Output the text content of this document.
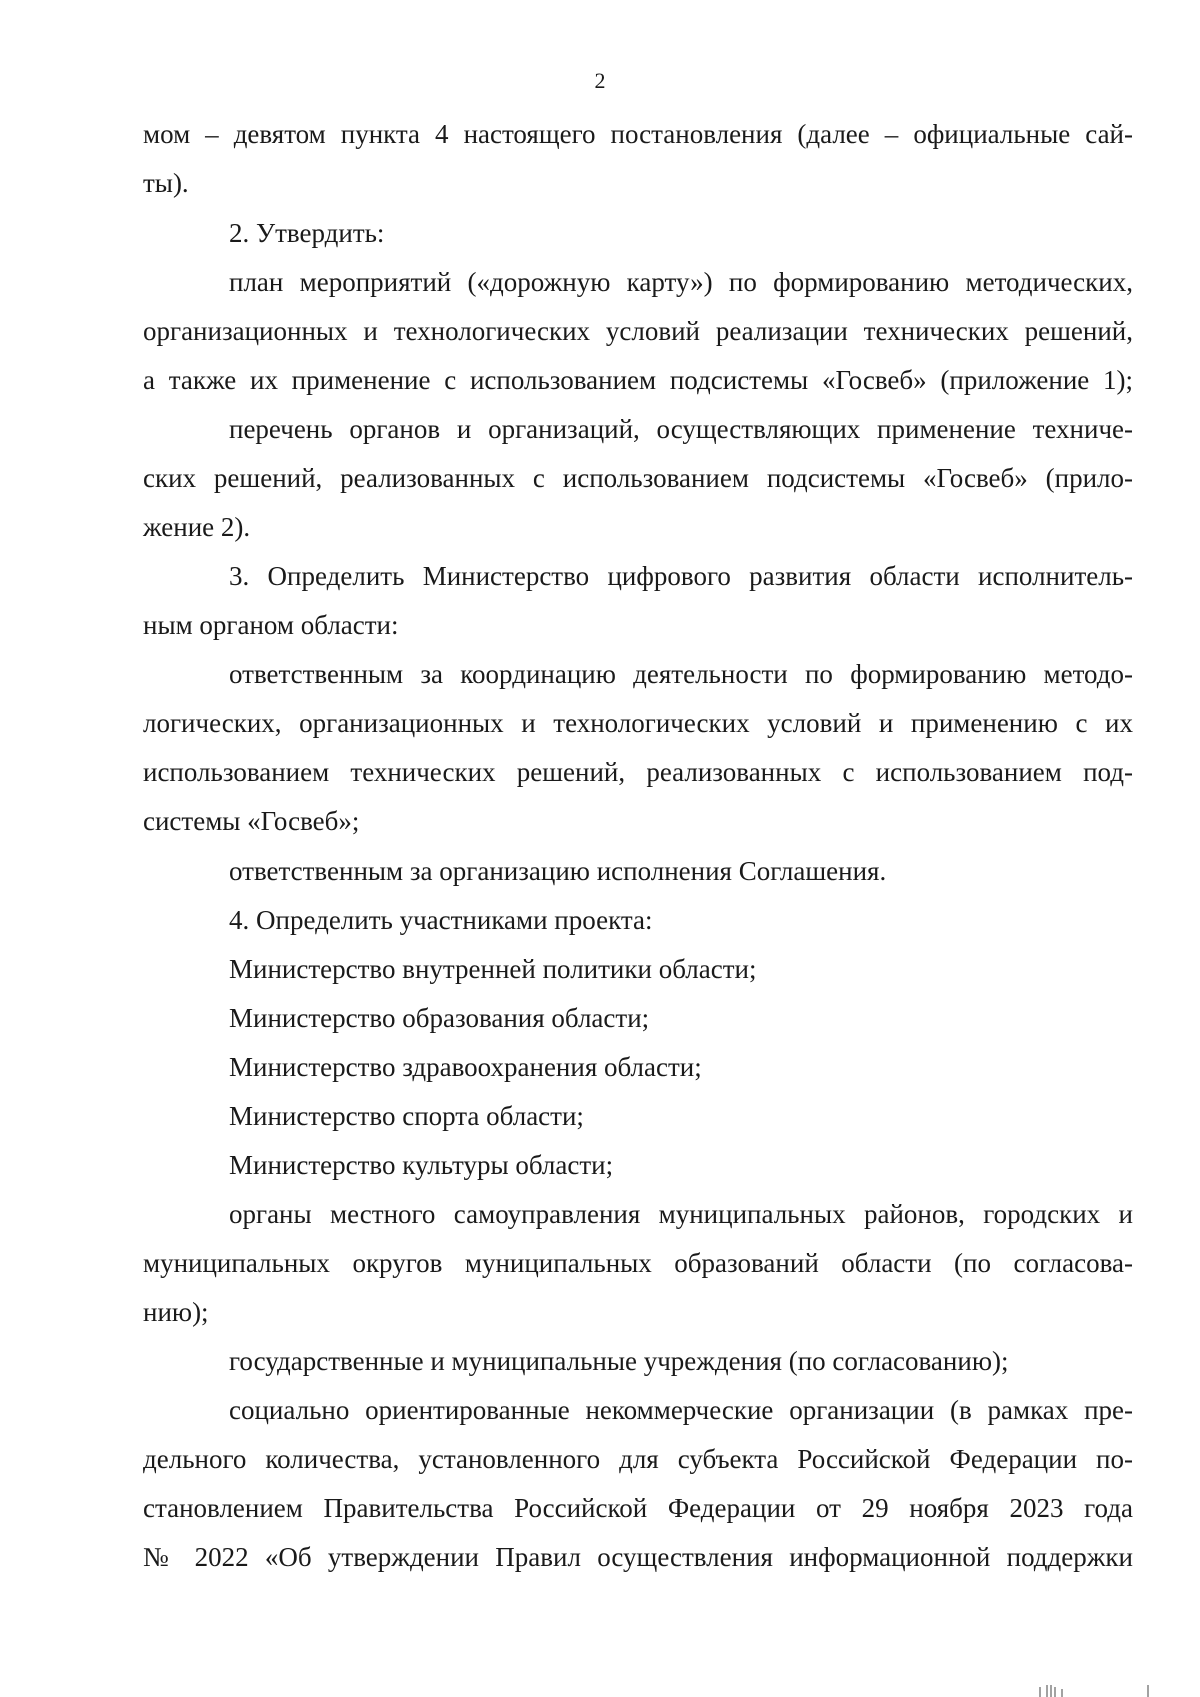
2
мом – девятом пункта 4 настоящего постановления (далее – официальные сай-
ты).
2. Утвердить:
план мероприятий («дорожную карту») по формированию методических,
организационных и технологических условий реализации технических решений,
а также их применение с использованием подсистемы «Госвеб» (приложение 1);
перечень органов и организаций, осуществляющих применение техниче-
ских решений, реализованных с использованием подсистемы «Госвеб» (прило-
жение 2).
3. Определить Министерство цифрового развития области исполнитель-
ным органом области:
ответственным за координацию деятельности по формированию методо-
логических, организационных и технологических условий и применению с их
использованием технических решений, реализованных с использованием под-
системы «Госвеб»;
ответственным за организацию исполнения Соглашения.
4. Определить участниками проекта:
Министерство внутренней политики области;
Министерство образования области;
Министерство здравоохранения области;
Министерство спорта области;
Министерство культуры области;
органы местного самоуправления муниципальных районов, городских и
муниципальных округов муниципальных образований области (по согласова-
нию);
государственные и муниципальные учреждения (по согласованию);
социально ориентированные некоммерческие организации (в рамках пре-
дельного количества, установленного для субъекта Российской Федерации по-
становлением Правительства Российской Федерации от 29 ноября 2023 года
№ 2022 «Об утверждении Правил осуществления информационной поддержки
